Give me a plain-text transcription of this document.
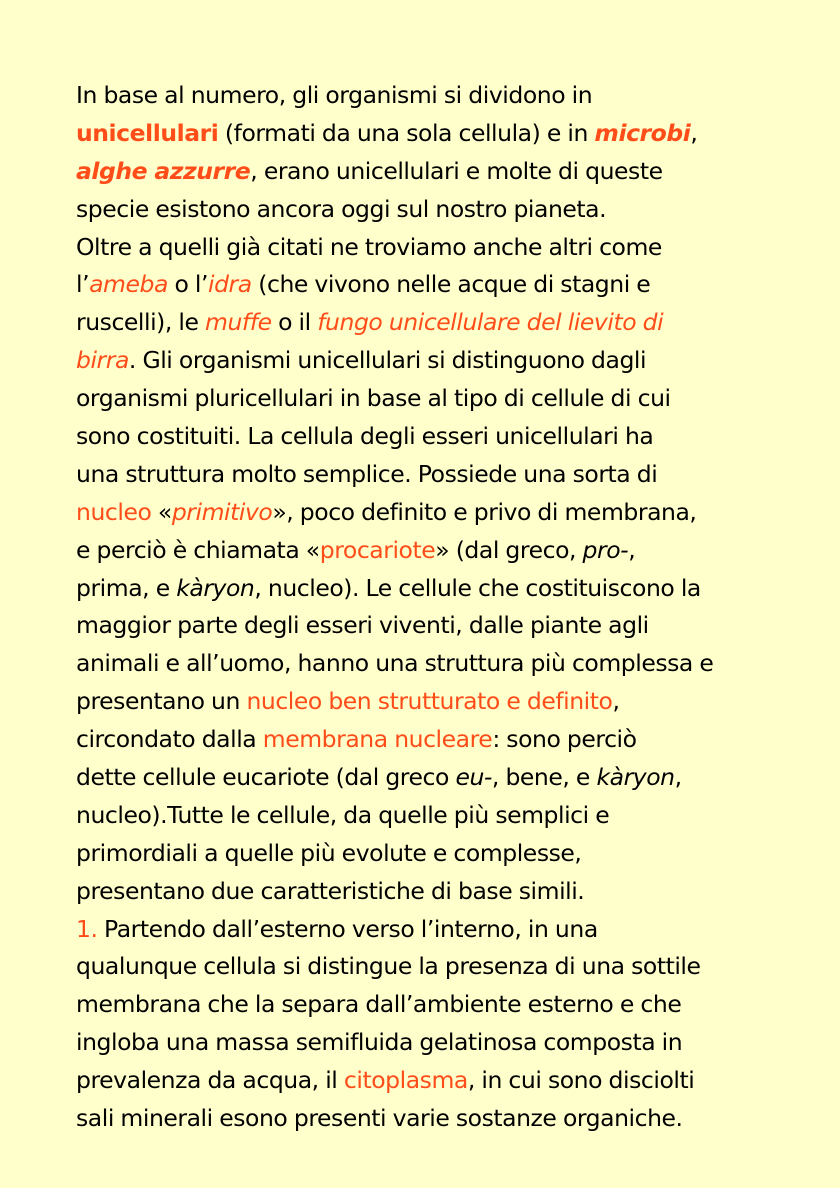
In base al numero, gli organismi si dividono in
unicellulari (formati da una sola cellula) e in microbi,
alghe azzurre, erano unicellulari e molte di queste
specie esistono ancora oggi sul nostro pianeta.
Oltre a quelli già citati ne troviamo anche altri come
l’ameba o l’idra (che vivono nelle acque di stagni e
ruscelli), le muffe o il fungo unicellulare del lievito di
birra. Gli organismi unicellulari si distinguono dagli
organismi pluricellulari in base al tipo di cellule di cui
sono costituiti. La cellula degli esseri unicellulari ha
una struttura molto semplice. Possiede una sorta di
nucleo «primitivo», poco definito e privo di membrana,
e perciò è chiamata «procariote» (dal greco, pro-,
prima, e kàryon, nucleo). Le cellule che costituiscono la
maggior parte degli esseri viventi, dalle piante agli
animali e all’uomo, hanno una struttura più complessa e
presentano un nucleo ben strutturato e definito,
circondato dalla membrana nucleare: sono perciò
dette cellule eucariote (dal greco eu-, bene, e kàryon,
nucleo).Tutte le cellule, da quelle più semplici e
primordiali a quelle più evolute e complesse,
presentano due caratteristiche di base simili.
1. Partendo dall’esterno verso l’interno, in una
qualunque cellula si distingue la presenza di una sottile
membrana che la separa dall’ambiente esterno e che
ingloba una massa semifluida gelatinosa composta in
prevalenza da acqua, il citoplasma, in cui sono disciolti
sali minerali esono presenti varie sostanze organiche.
